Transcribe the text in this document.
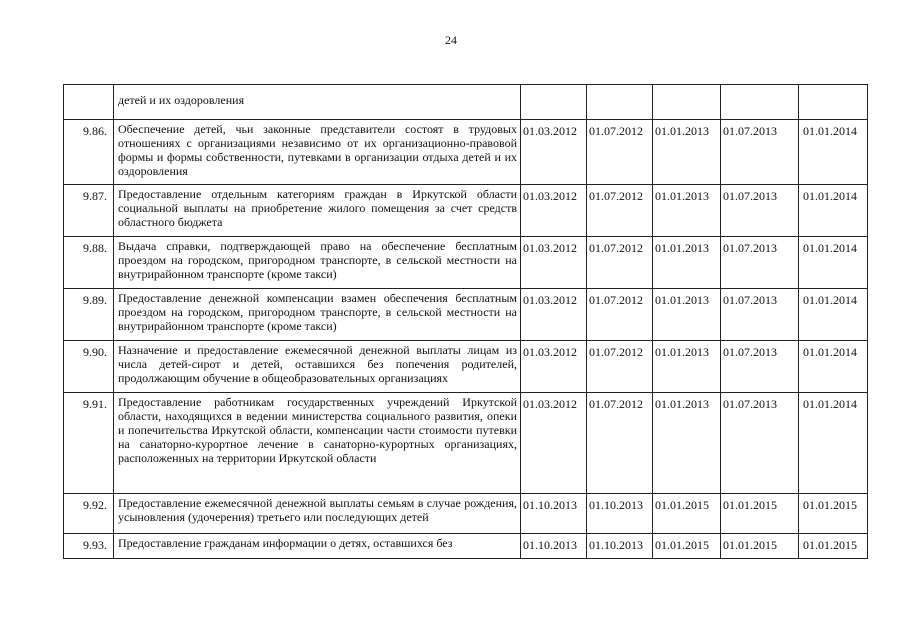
24
	детей и их оздоровления					
9.86.	Обеспечение детей, чьи законные представители состоят в трудовых отношениях с организациями независимо от их организационно-правовой формы и формы собственности, путевками в организации отдыха детей и их оздоровления	01.03.2012	01.07.2012	01.01.2013	01.07.2013	01.01.2014
9.87.	Предоставление отдельным категориям граждан в Иркутской области социальной выплаты на приобретение жилого помещения за счет средств областного бюджета	01.03.2012	01.07.2012	01.01.2013	01.07.2013	01.01.2014
9.88.	Выдача справки, подтверждающей право на обеспечение бесплатным проездом на городском, пригородном транспорте, в сельской местности на внутрирайонном транспорте (кроме такси)	01.03.2012	01.07.2012	01.01.2013	01.07.2013	01.01.2014
9.89.	Предоставление денежной компенсации взамен обеспечения бесплатным проездом на городском, пригородном транспорте, в сельской местности на внутрирайонном транспорте (кроме такси)	01.03.2012	01.07.2012	01.01.2013	01.07.2013	01.01.2014
9.90.	Назначение и предоставление ежемесячной денежной выплаты лицам из числа детей-сирот и детей, оставшихся без попечения родителей, продолжающим обучение в общеобразовательных организациях	01.03.2012	01.07.2012	01.01.2013	01.07.2013	01.01.2014
9.91.	Предоставление работникам государственных учреждений Иркутской области, находящихся в ведении министерства социального развития, опеки и попечительства Иркутской области, компенсации части стоимости путевки на санаторно-курортное лечение в санаторно-курортных организациях, расположенных на территории Иркутской области	01.03.2012	01.07.2012	01.01.2013	01.07.2013	01.01.2014
9.92.	Предоставление ежемесячной денежной выплаты семьям в случае рождения, усыновления (удочерения) третьего или последующих детей	01.10.2013	01.10.2013	01.01.2015	01.01.2015	01.01.2015
9.93.	Предоставление гражданам информации о детях, оставшихся без	01.10.2013	01.10.2013	01.01.2015	01.01.2015	01.01.2015
